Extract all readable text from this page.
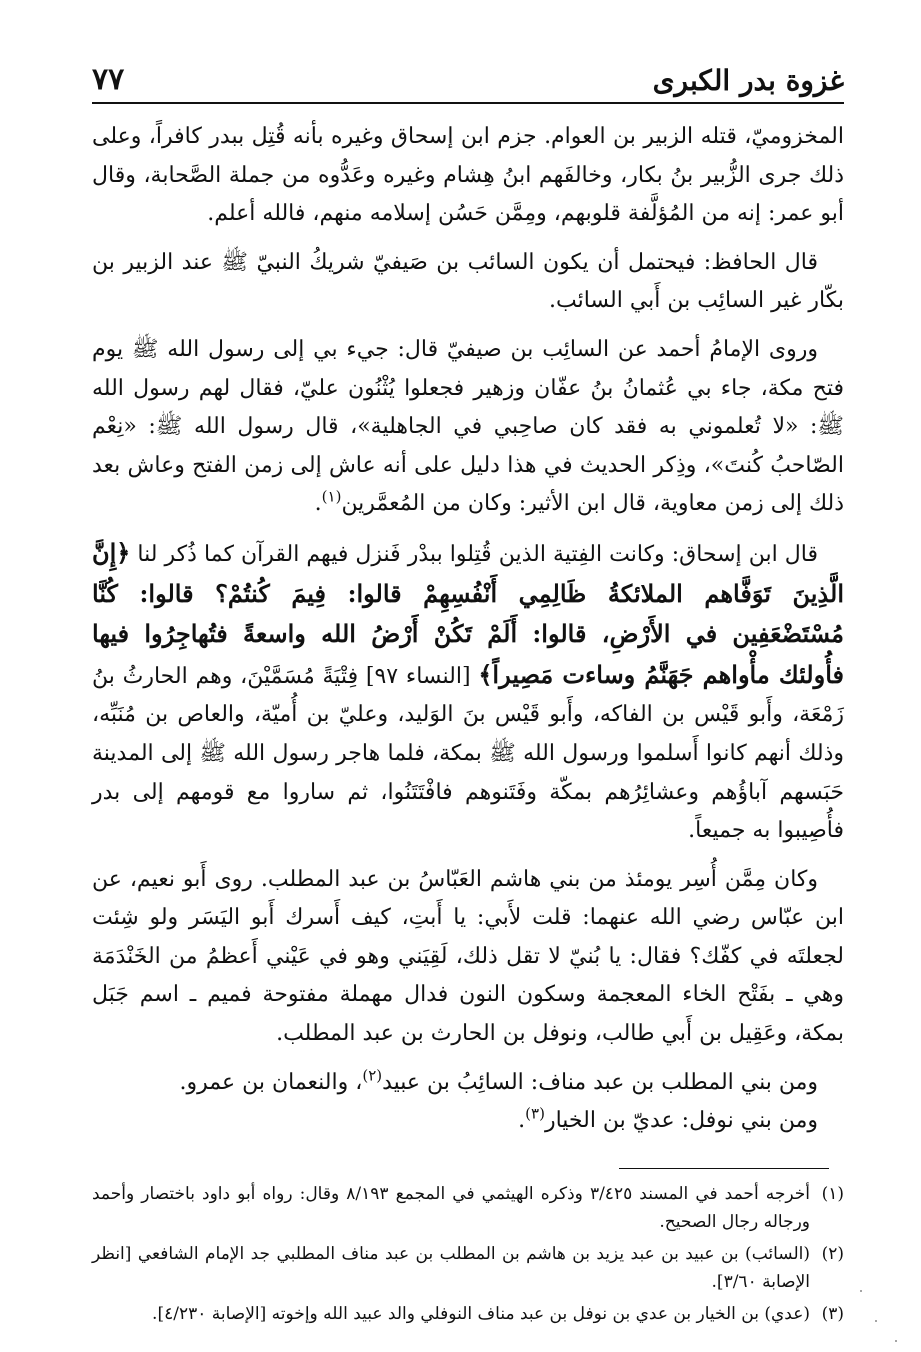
غزوة بدر الكبرى
٧٧

المخزوميّ، قتله الزبير بن العوام. جزم ابن إسحاق وغيره بأنه قُتِل ببدر كافراً، وعلى ذلك جرى الزُّبير بنُ بكار، وخالفَهم ابنُ هِشام وغيره وعَدُّوه من جملة الصَّحابة، وقال أبو عمر: إنه من المُؤلَّفة قلوبهم، ومِمَّن حَسُن إسلامه منهم، فالله أعلم.

قال الحافظ: فيحتمل أن يكون السائب بن صَيفيّ شريكُ النبيّ ﷺ عند الزبير بن بكّار غير السائِب بن أَبي السائب.

وروى الإمامُ أحمد عن السائِب بن صيفيّ قال: جيء بي إلى رسول الله ﷺ يوم فتح مكة، جاء بي عُثمانُ بنُ عفّان وزهير فجعلوا يُثْنُون عليّ، فقال لهم رسول الله ﷺ: «لا تُعلموني به فقد كان صاحِبي في الجاهلية»، قال رسول الله ﷺ: «نِعْم الصّاحبُ كُنتَ»، وذِكر الحديث في هذا دليل على أنه عاش إلى زمن الفتح وعاش بعد ذلك إلى زمن معاوية، قال ابن الأثير: وكان من المُعمَّرين$^{(١)}$.

قال ابن إسحاق: وكانت الفِتية الذين قُتِلوا ببدْر فَنزل فيهم القرآن كما ذُكر لنا ﴿إِنَّ الَّذِينَ تَوَفَّاهم الملائكةُ ظَالِمِي أَنْفُسِهِمْ قالوا: فِيمَ كُنتُمْ؟ قالوا: كُنَّا مُسْتَضْعَفِين في الأَرْضِ، قالوا: أَلَمْ تَكُنْ أَرْضُ الله واسعةً فتُهاجِرُوا فيها فأُولئك مأْواهم جَهَنَّمُ وساءت مَصِيراً﴾ [النساء ٩٧] فِتْيَةً مُسَمَّيْنَ، وهم الحارثُ بنُ زَمْعَة، وأَبو قَيْس بن الفاكه، وأَبو قَيْس بنَ الوَليد، وعليّ بن أُميّة، والعاص بن مُنَبِّه، وذلك أنهم كانوا أَسلموا ورسول الله ﷺ بمكة، فلما هاجر رسول الله ﷺ إلى المدينة حَبَسهم آباؤُهم وعشائِرُهم بمكّة وفَتَنوهم فافْتَتَنُوا، ثم ساروا مع قومهم إلى بدر فأُصِيبوا به جميعاً.

وكان مِمَّن أُسِر يومئذ من بني هاشم العَبّاسُ بن عبد المطلب. روى أَبو نعيم، عن ابن عبّاس رضي الله عنهما: قلت لأَبي: يا أَبتِ، كيف أَسرك أَبو اليَسَر ولو شِئت لجعلتَه في كفّك؟ فقال: يا بُنيّ لا تقل ذلك، لَقِيَني وهو في عَيْني أَعظمُ من الخَنْدَمَة وهي ـ بفَتْح الخاء المعجمة وسكون النون فدال مهملة مفتوحة فميم ـ اسم جَبَل بمكة، وعَقِيل بن أَبي طالب، ونوفل بن الحارث بن عبد المطلب.

ومن بني المطلب بن عبد مناف: السائِبُ بن عبيد$^{(٢)}$، والنعمان بن عمرو.

ومن بني نوفل: عديّ بن الخيار$^{(٣)}$.

(١)أخرجه أحمد في المسند ٣/٤٢٥ وذكره الهيثمي في المجمع ٨/١٩٣ وقال: رواه أبو داود باختصار وأحمد ورجاله رجال الصحيح.

(٢)(السائب) بن عبيد بن عبد يزيد بن هاشم بن المطلب بن عبد مناف المطلبي جد الإمام الشافعي [انظر الإصابة ٣/٦٠].

(٣)(عدي) بن الخيار بن عدي بن نوفل بن عبد مناف النوفلي والد عبيد الله وإخوته [الإصابة ٤/٢٣٠].
